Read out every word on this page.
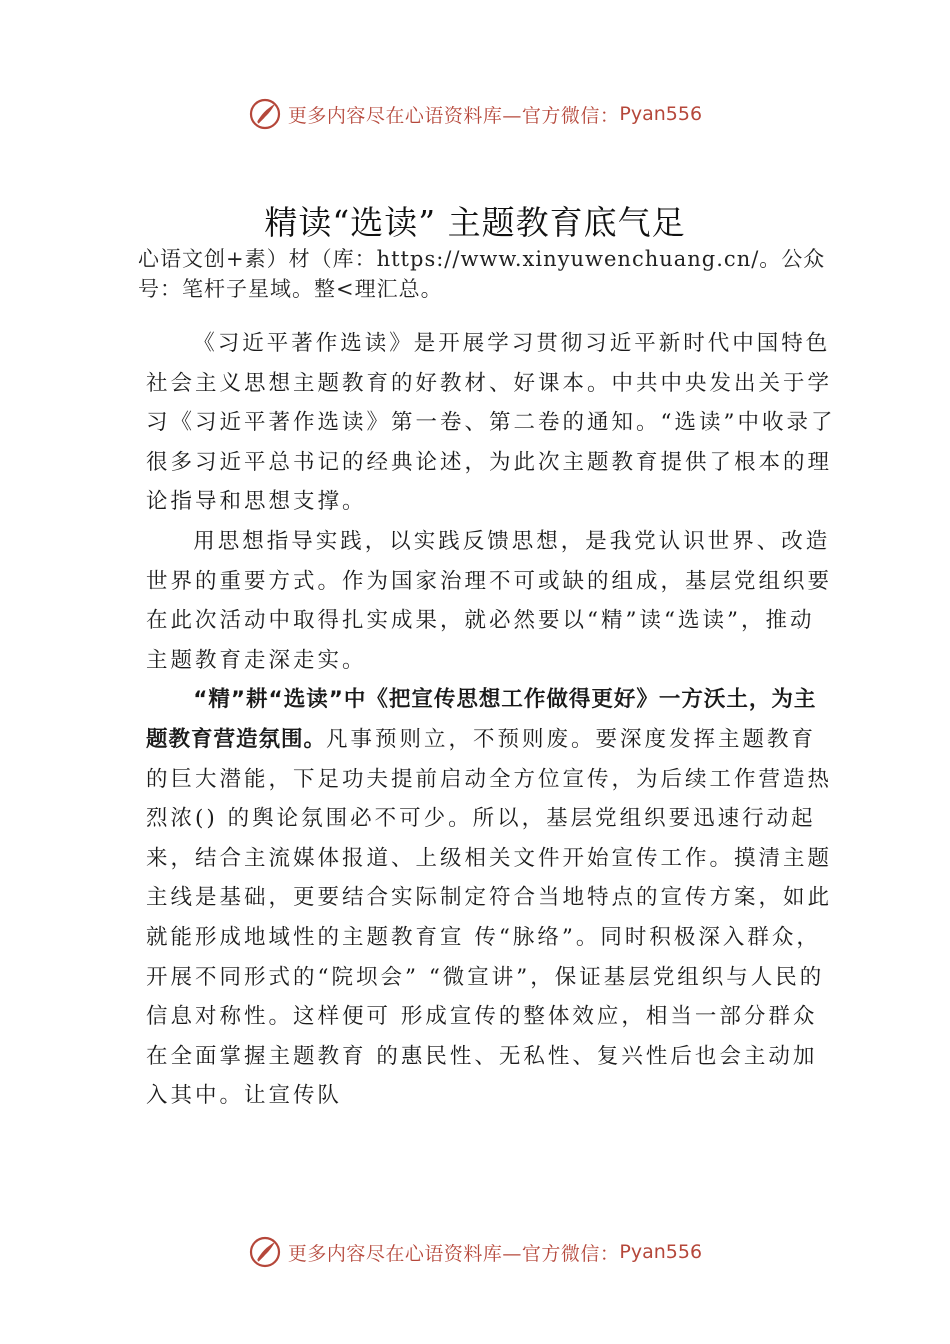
更多内容尽在心语资料库—官方微信： Pyan556
精读“选读” 主题教育底气足

心语文创+素）材（库：https://www.xinyuwenchuang.cn/。公众号：笔杆子星域。整<理汇总。

《习近平著作选读》是开展学习贯彻习近平新时代中国特色社会主义思想主题教育的好教材、好课本。中共中央发出关于学习《习近平著作选读》第一卷、第二卷的通知。“选读”中收录了很多习近平总书记的经典论述，为此次主题教育提供了根本的理论指导和思想支撑。

用思想指导实践，以实践反馈思想，是我党认识世界、改造世界的重要方式。作为国家治理不可或缺的组成，基层党组织要在此次活动中取得扎实成果，就必然要以“精”读“选读”，推动主题教育走深走实。

“精”耕“选读”中《把宣传思想工作做得更好》一方沃土，为主题教育营造氛围。凡事预则立，不预则废。要深度发挥主题教育的巨大潜能，下足功夫提前启动全方位宣传，为后续工作营造热烈浓() 的舆论氛围必不可少。所以，基层党组织要迅速行动起来，结合主流媒体报道、上级相关文件开始宣传工作。摸清主题主线是基础，更要结合实际制定符合当地特点的宣传方案，如此就能形成地域性的主题教育宣 传“脉络”。同时积极深入群众，开展不同形式的“院坝会” “微宣讲”，保证基层党组织与人民的信息对称性。这样便可 形成宣传的整体效应，相当一部分群众在全面掌握主题教育 的惠民性、无私性、复兴性后也会主动加入其中。让宣传队

更多内容尽在心语资料库—官方微信： Pyan556
